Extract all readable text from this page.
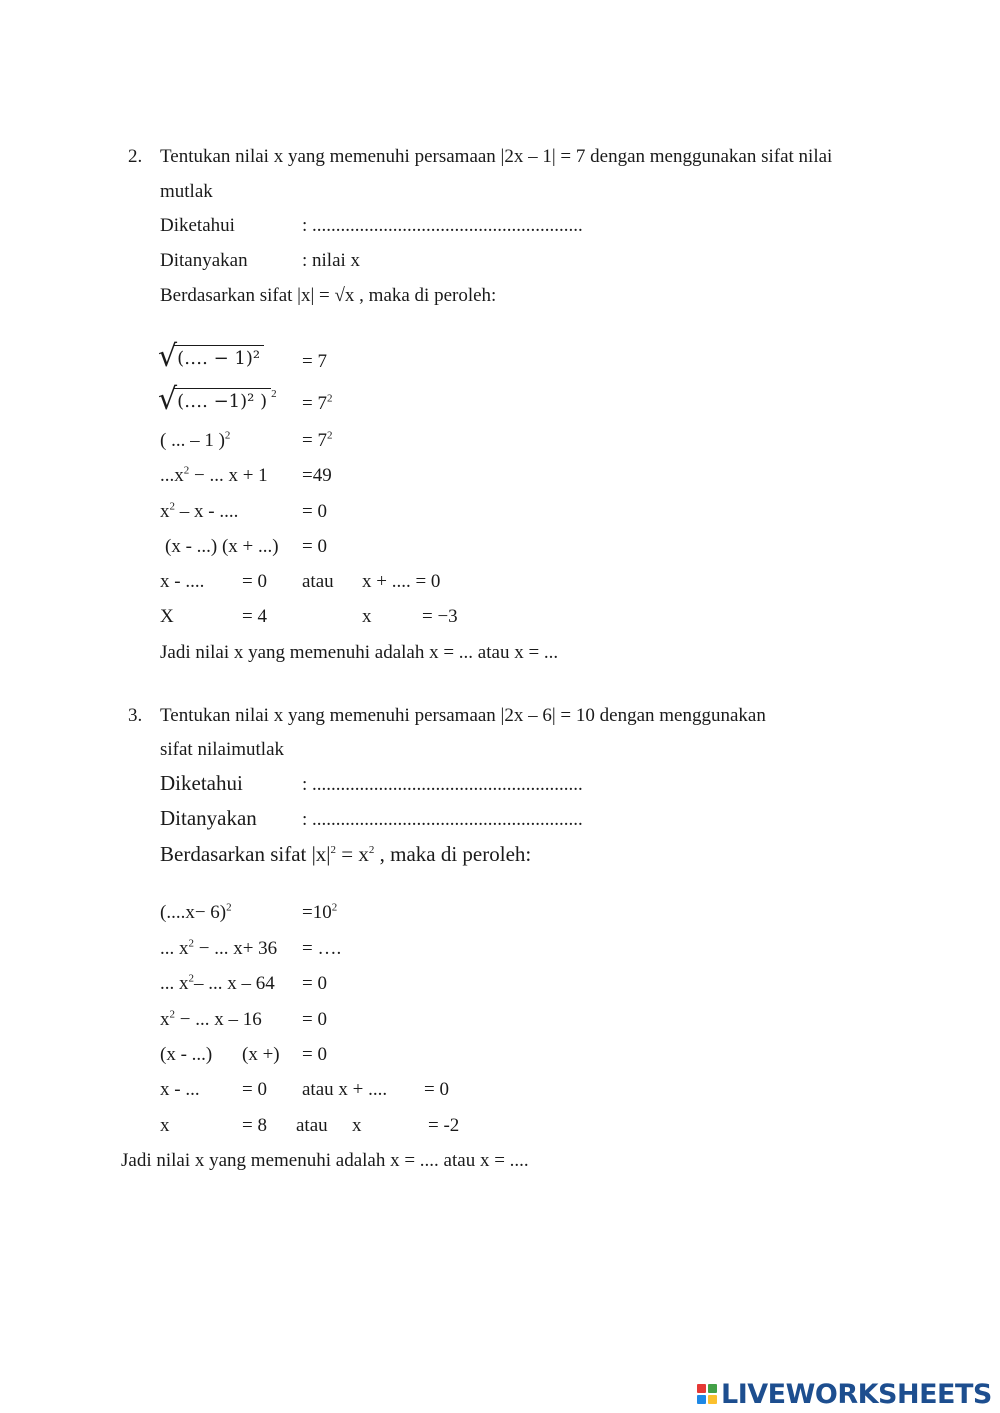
2. Tentukan nilai x yang memenuhi persamaan |2x – 1| = 7 dengan menggunakan sifat nilai
mutlak
Diketahui	: .........................................................
Ditanyakan	: nilai x
Berdasarkan sifat |x| = √x , maka di peroleh:
√(…. − 1)² = 7
√(…. −1)² ) $^2 = 7^2$
( ... – 1 )$^2$	= $7^2$
$...x^2$ − ... x + 1 =49
$x^2$ – x - ....	= 0
(x - ...) (x + ...) = 0
x - .... = 0 atau x + .... = 0
X	= 4	x	= −3
Jadi nilai x yang memenuhi adalah x = ... atau x = ...
3. Tentukan nilai x yang memenuhi persamaan |2x – 6| = 10 dengan menggunakan
sifat nilaimutlak
Diketahui	: .........................................................
Ditanyakan : .........................................................
Berdasarkan sifat $|x|^2 = x^2$ , maka di peroleh:
$(....x- 6)^2$	$=10^2$
... $x^2$ − ... x+ 36 = ….
... $x^2-$ ... x – 64 = 0
$x^2$ − ... x – 16 = 0
(x - ...) (x +) = 0
x - ... = 0 atau x + .... = 0
x	= 8 atau x	= -2
Jadi nilai x yang memenuhi adalah x = .... atau x = ....
LIVEWORKSHEETS
